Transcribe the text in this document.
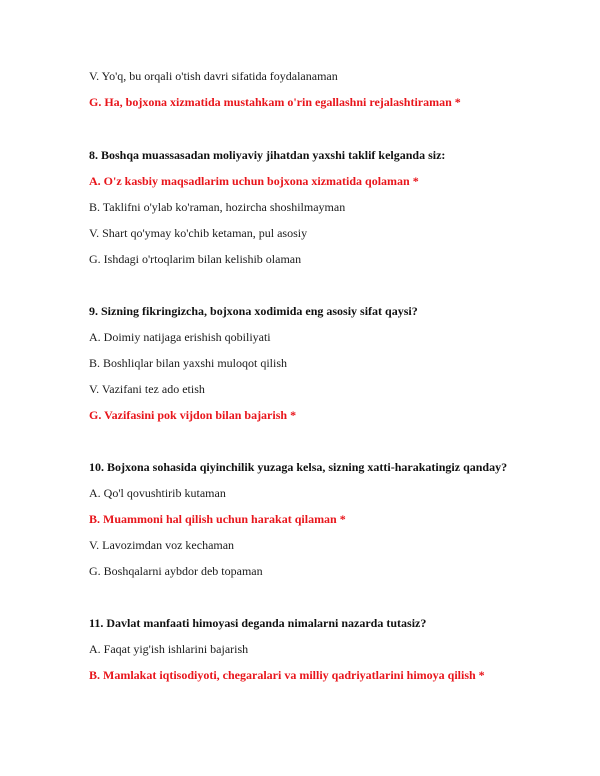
V. Yo'q, bu orqali o'tish davri sifatida foydalanaman
G. Ha, bojxona xizmatida mustahkam o'rin egallashni rejalashtiraman *
8. Boshqa muassasadan moliyaviy jihatdan yaxshi taklif kelganda siz:
A. O'z kasbiy maqsadlarim uchun bojxona xizmatida qolaman *
B. Taklifni o'ylab ko'raman, hozircha shoshilmayman
V. Shart qo'ymay ko'chib ketaman, pul asosiy
G. Ishdagi o'rtoqlarim bilan kelishib olaman
9. Sizning fikringizcha, bojxona xodimida eng asosiy sifat qaysi?
A. Doimiy natijaga erishish qobiliyati
B. Boshliqlar bilan yaxshi muloqot qilish
V. Vazifani tez ado etish
G. Vazifasini pok vijdon bilan bajarish *
10. Bojxona sohasida qiyinchilik yuzaga kelsa, sizning xatti-harakatingiz qanday?
A. Qo'l qovushtirib kutaman
B. Muammoni hal qilish uchun harakat qilaman *
V. Lavozimdan voz kechaman
G. Boshqalarni aybdor deb topaman
11. Davlat manfaati himoyasi deganda nimalarni nazarda tutasiz?
A. Faqat yig'ish ishlarini bajarish
B. Mamlakat iqtisodiyoti, chegaralari va milliy qadriyatlarini himoya qilish *
